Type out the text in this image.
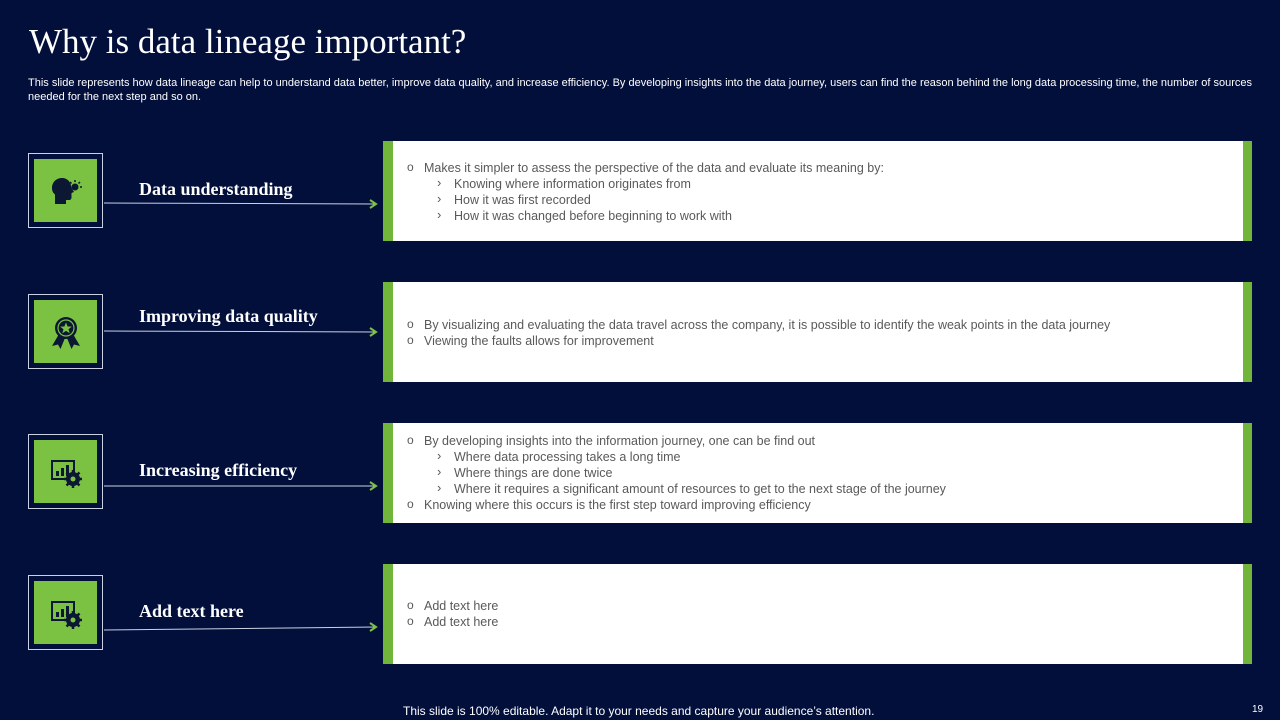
Why is data lineage important?

This slide represents how data lineage can help to understand data better, improve data quality, and increase efficiency. By developing insights into the data journey, users can find the reason behind the long data processing time, the number of sources needed for the next step and so on.

Data understanding
o Makes it simpler to assess the perspective of the data and evaluate its meaning by:
› Knowing where information originates from
› How it was first recorded
› How it was changed before beginning to work with
Improving data quality	o By visualizing and evaluating the data travel across the company, it is possible to identify the weak points in the data journey
o Viewing the faults allows for improvement
Increasing efficiency
o By developing insights into the information journey, one can be find out
› Where data processing takes a long time
› Where things are done twice
› Where it requires a significant amount of resources to get to the next stage of the journey
o Knowing where this occurs is the first step toward improving efficiency
Add text here	o Add text here
o Add text here
This slide is 100% editable. Adapt it to your needs and capture your audience’s attention.	19
